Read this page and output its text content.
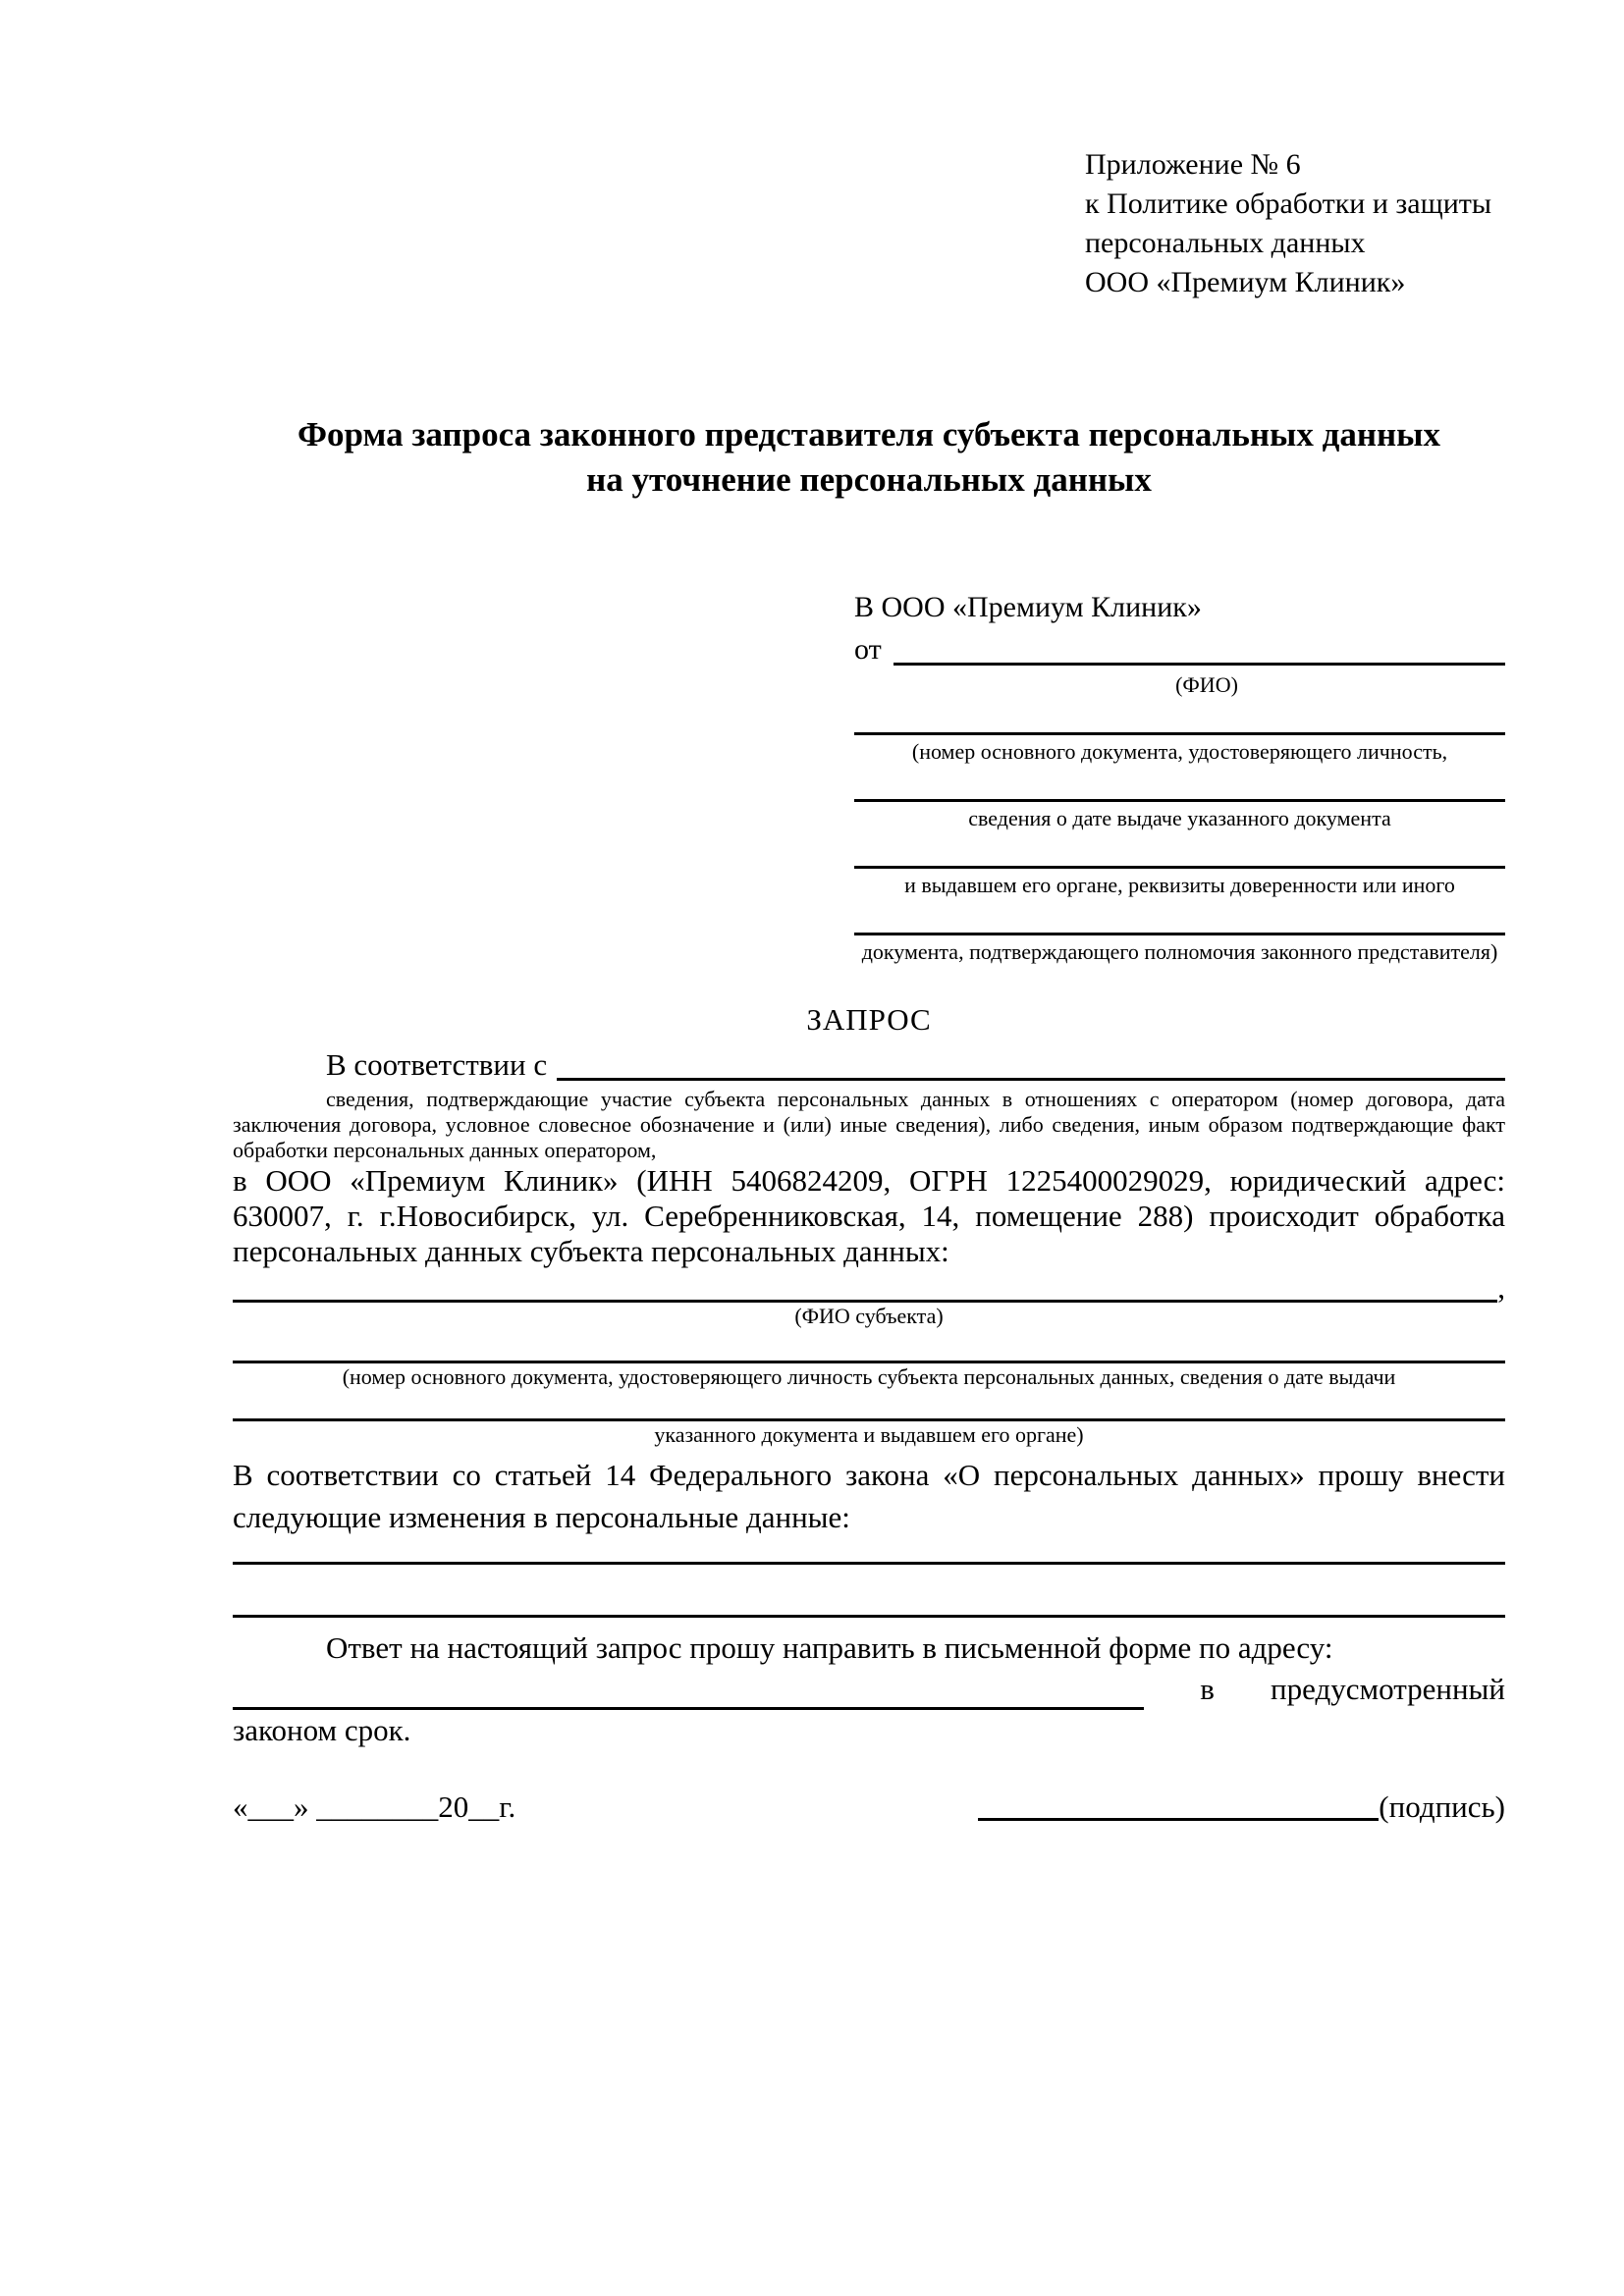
Приложение № 6
к Политике обработки и защиты
персональных данных
ООО «Премиум Клиник»
Форма запроса законного представителя субъекта персональных данных
на уточнение персональных данных
В ООО «Премиум Клиник»
от
(ФИО)
(номер основного документа, удостоверяющего личность,
сведения о дате выдаче указанного документа
и выдавшем его органе, реквизиты доверенности или иного
документа, подтверждающего полномочия законного представителя)
ЗАПРОС
В соответствии с
сведения, подтверждающие участие субъекта персональных данных в отношениях с оператором (номер договора, дата заключения договора, условное словесное обозначение и (или) иные сведения), либо сведения, иным образом подтверждающие факт обработки персональных данных оператором,

в ООО «Премиум Клиник» (ИНН 5406824209, ОГРН 1225400029029, юридический адрес: 630007, г. г.Новосибирск, ул. Серебренниковская, 14, помещение 288) происходит обработка персональных данных субъекта персональных данных:

,
(ФИО субъекта)
(номер основного документа, удостоверяющего личность субъекта персональных данных, сведения о дате выдачи
указанного документа и выдавшем его органе)

В соответствии со статьей 14 Федерального закона «О персональных данных» прошу внести следующие изменения в персональные данные:

Ответ на настоящий запрос прошу направить в письменной форме по адресу:

в предусмотренный
законом срок.
«___» ________20__г.	(подпись)
